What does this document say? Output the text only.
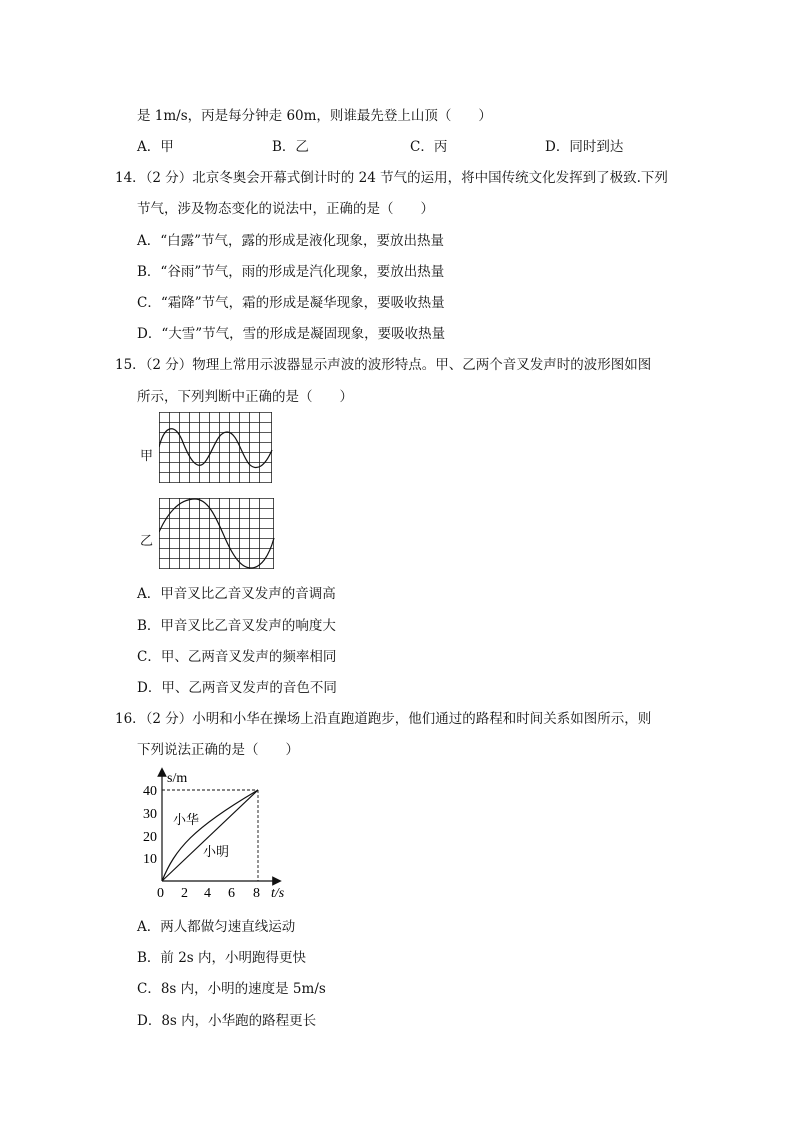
是 1m/s，丙是每分钟走 60m，则谁最先登上山顶（　　）
A．甲	B．乙	C．丙	D．同时到达
14．（2 分）北京冬奥会开幕式倒计时的 24 节气的运用，将中国传统文化发挥到了极致.下列
节气，涉及物态变化的说法中，正确的是（　　）
A．“白露”节气，露的形成是液化现象，要放出热量
B．“谷雨”节气，雨的形成是汽化现象，要放出热量
C．“霜降”节气，霜的形成是凝华现象，要吸收热量
D．“大雪”节气，雪的形成是凝固现象，要吸收热量
15．（2 分）物理上常用示波器显示声波的波形特点。甲、乙两个音叉发声时的波形图如图
所示，下列判断中正确的是（　　）
甲
乙
A．甲音叉比乙音叉发声的音调高
B．甲音叉比乙音叉发声的响度大
C．甲、乙两音叉发声的频率相同
D．甲、乙两音叉发声的音色不同
16．（2 分）小明和小华在操场上沿直跑道跑步，他们通过的路程和时间关系如图所示，则
下列说法正确的是（　　）
s/m
t/s
40
30
20
10
0 2 4 6 8
小华
小明
A．两人都做匀速直线运动
B．前 2s 内，小明跑得更快
C．8s 内，小明的速度是 5m/s
D．8s 内，小华跑的路程更长
